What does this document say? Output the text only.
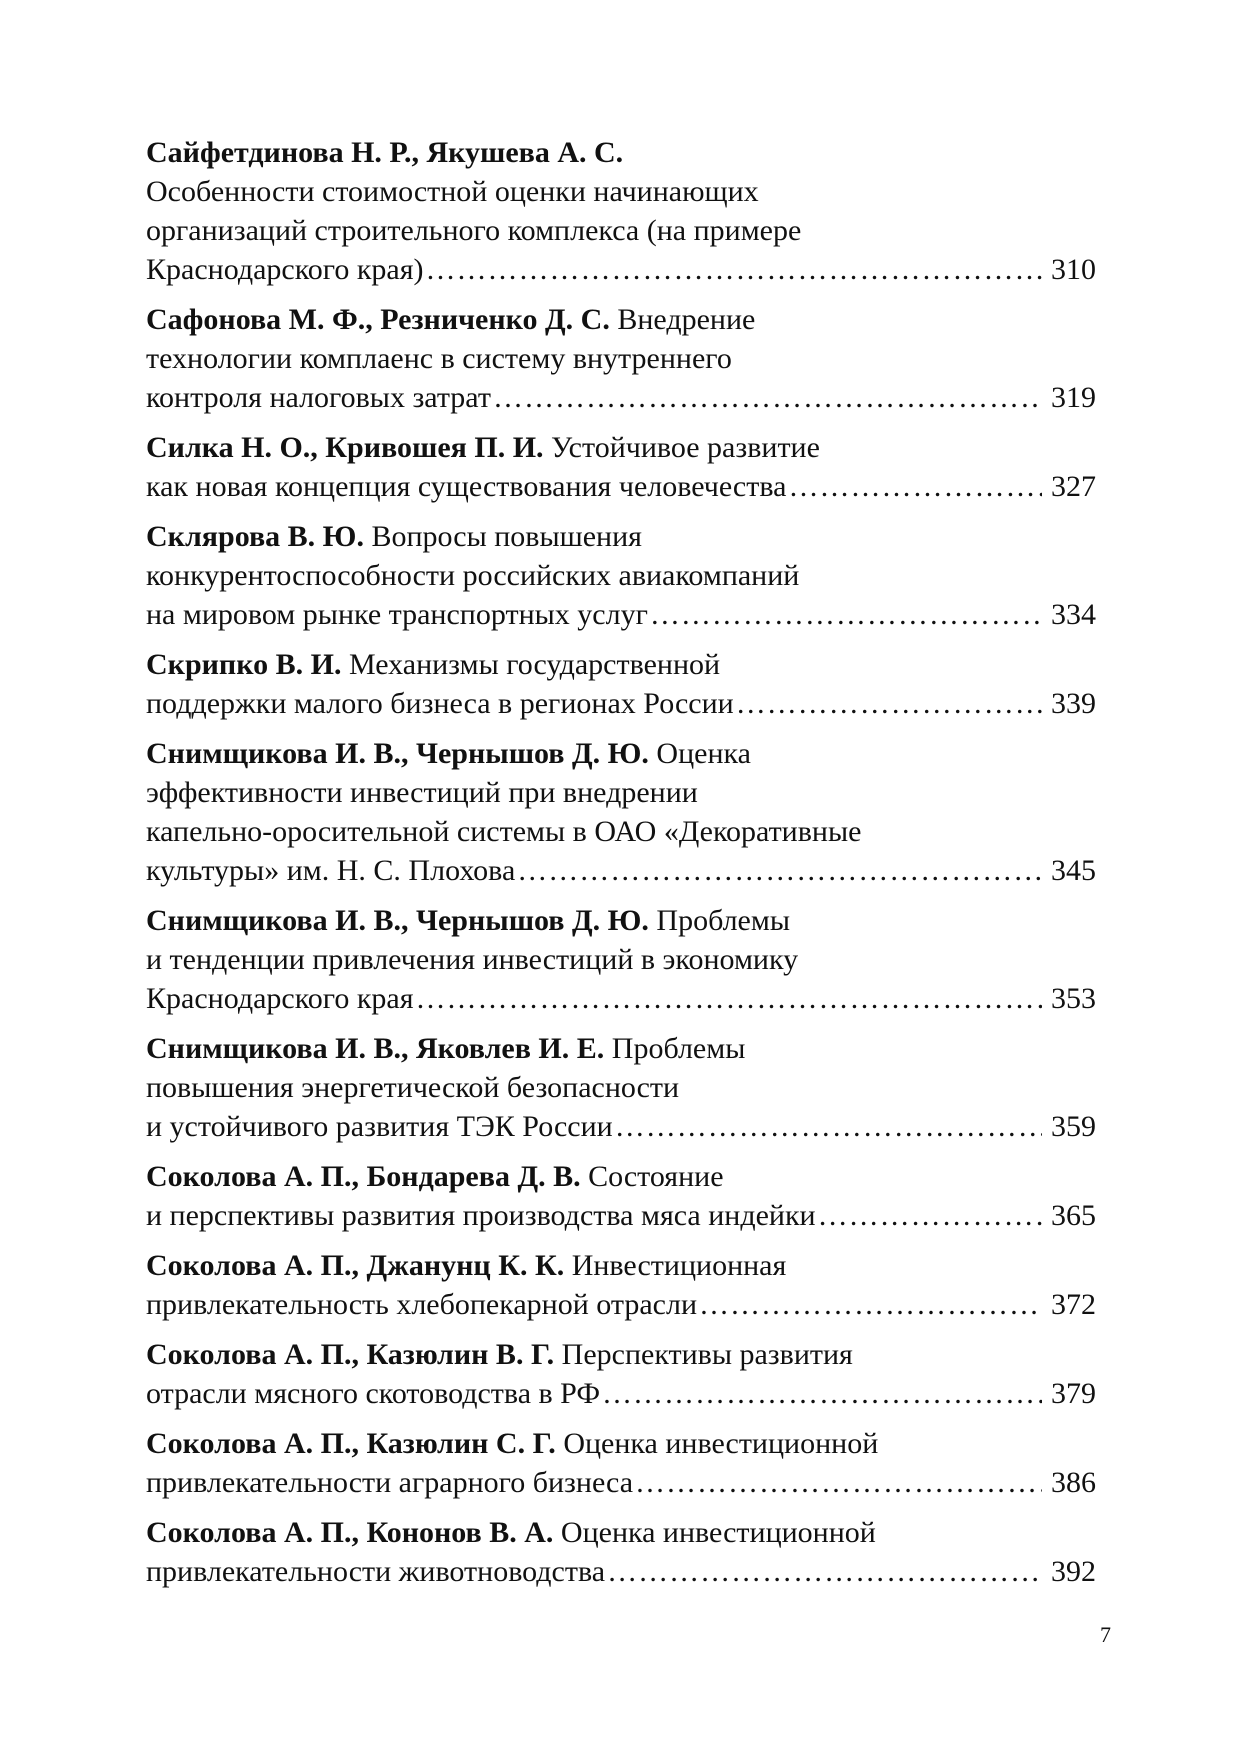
Сайфетдинова Н. Р., Якушева А. С.
Особенности стоимостной оценки начинающих
организаций строительного комплекса (на примере
Краснодарского края) ………………………………………………………………………………………………………………………………………………	310
Сафонова М. Ф., Резниченко Д. С. Внедрение
технологии комплаенс в систему внутреннего
контроля налоговых затрат ………………………………………………………………………………………………………………………………………………	319
Силка Н. О., Кривошея П. И. Устойчивое развитие
как новая концепция существования человечества ………………………………………………………………………………………………………………………………………………	327
Склярова В. Ю. Вопросы повышения
конкурентоспособности российских авиакомпаний
на мировом рынке транспортных услуг ………………………………………………………………………………………………………………………………………………	334
Скрипко В. И. Механизмы государственной
поддержки малого бизнеса в регионах России ………………………………………………………………………………………………………………………………………………	339
Снимщикова И. В., Чернышов Д. Ю. Оценка
эффективности инвестиций при внедрении
капельно-оросительной системы в ОАО «Декоративные
культуры» им. Н. С. Плохова ………………………………………………………………………………………………………………………………………………	345
Снимщикова И. В., Чернышов Д. Ю. Проблемы
и тенденции привлечения инвестиций в экономику
Краснодарского края ………………………………………………………………………………………………………………………………………………	353
Снимщикова И. В., Яковлев И. Е. Проблемы
повышения энергетической безопасности
и устойчивого развития ТЭК России ………………………………………………………………………………………………………………………………………………	359
Соколова А. П., Бондарева Д. В. Состояние
и перспективы развития производства мяса индейки ………………………………………………………………………………………………………………………………………………	365
Соколова А. П., Джанунц К. К. Инвестиционная
привлекательность хлебопекарной отрасли ………………………………………………………………………………………………………………………………………………	372
Соколова А. П., Казюлин В. Г. Перспективы развития
отрасли мясного скотоводства в РФ ………………………………………………………………………………………………………………………………………………	379
Соколова А. П., Казюлин С. Г. Оценка инвестиционной
привлекательности аграрного бизнеса ………………………………………………………………………………………………………………………………………………	386
Соколова А. П., Кононов В. А. Оценка инвестиционной
привлекательности животноводства ………………………………………………………………………………………………………………………………………………	392
7
